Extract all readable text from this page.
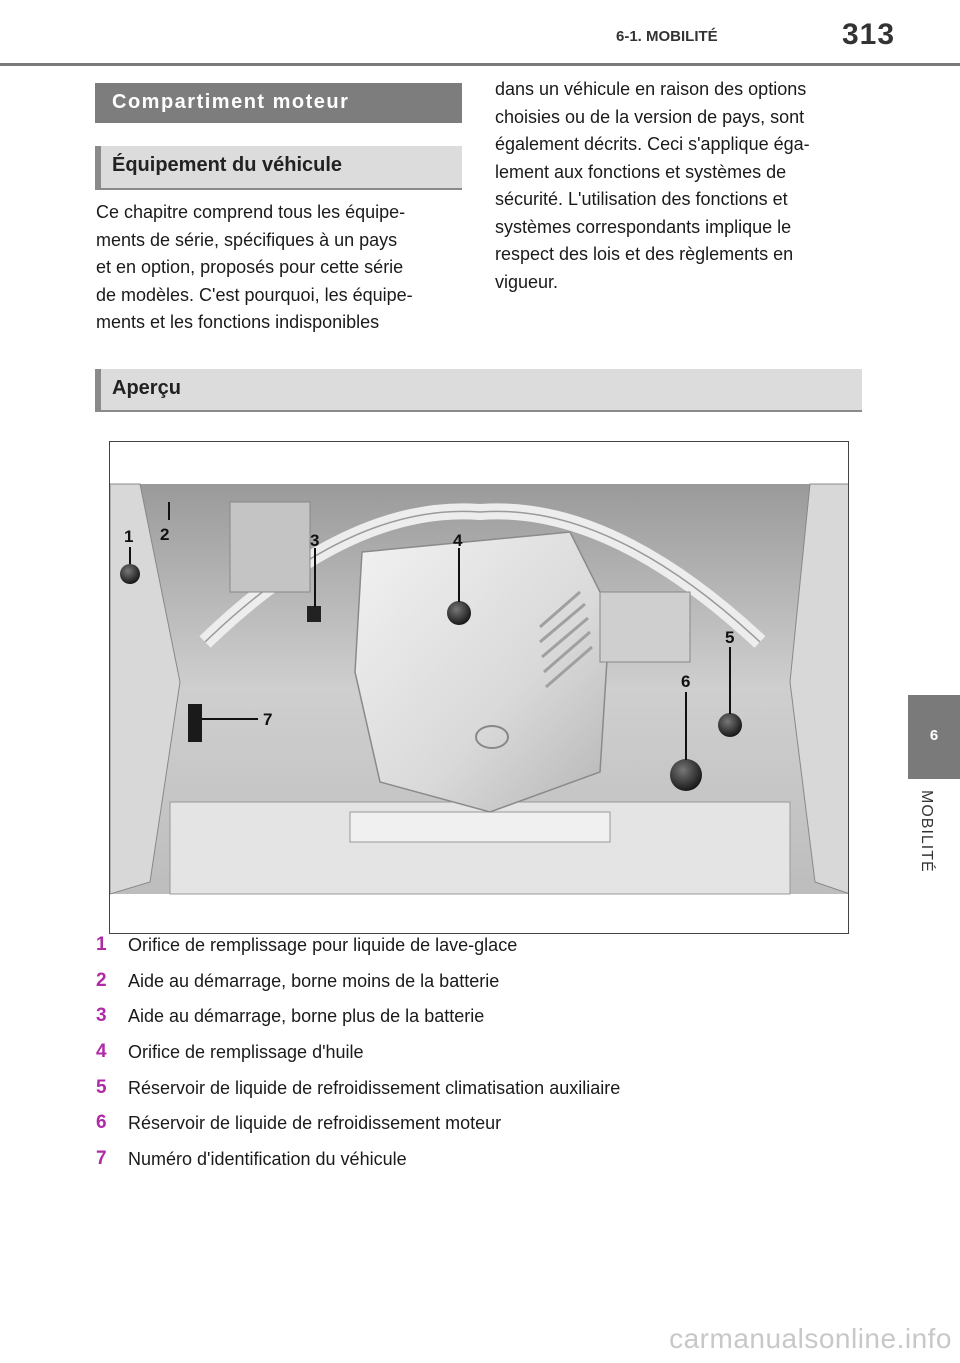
6-1. MOBILITÉ	313
Compartiment moteur
Équipement du véhicule
Ce chapitre comprend tous les équipe-
ments de série, spécifiques à un pays
et en option, proposés pour cette série
de modèles. C'est pourquoi, les équipe-
ments et les fonctions indisponibles
dans un véhicule en raison des options
choisies ou de la version de pays, sont
également décrits. Ceci s'applique éga-
lement aux fonctions et systèmes de
sécurité. L'utilisation des fonctions et
systèmes correspondants implique le
respect des lois et des règlements en
vigueur.
Aperçu
1 2	3	4
5
6
7
1 Orifice de remplissage pour liquide de lave-glace
2 Aide au démarrage, borne moins de la batterie
3 Aide au démarrage, borne plus de la batterie
4 Orifice de remplissage d'huile
5 Réservoir de liquide de refroidissement climatisation auxiliaire
6 Réservoir de liquide de refroidissement moteur
7 Numéro d'identification du véhicule
6
MOBILITÉ
carmanualsonline.info
